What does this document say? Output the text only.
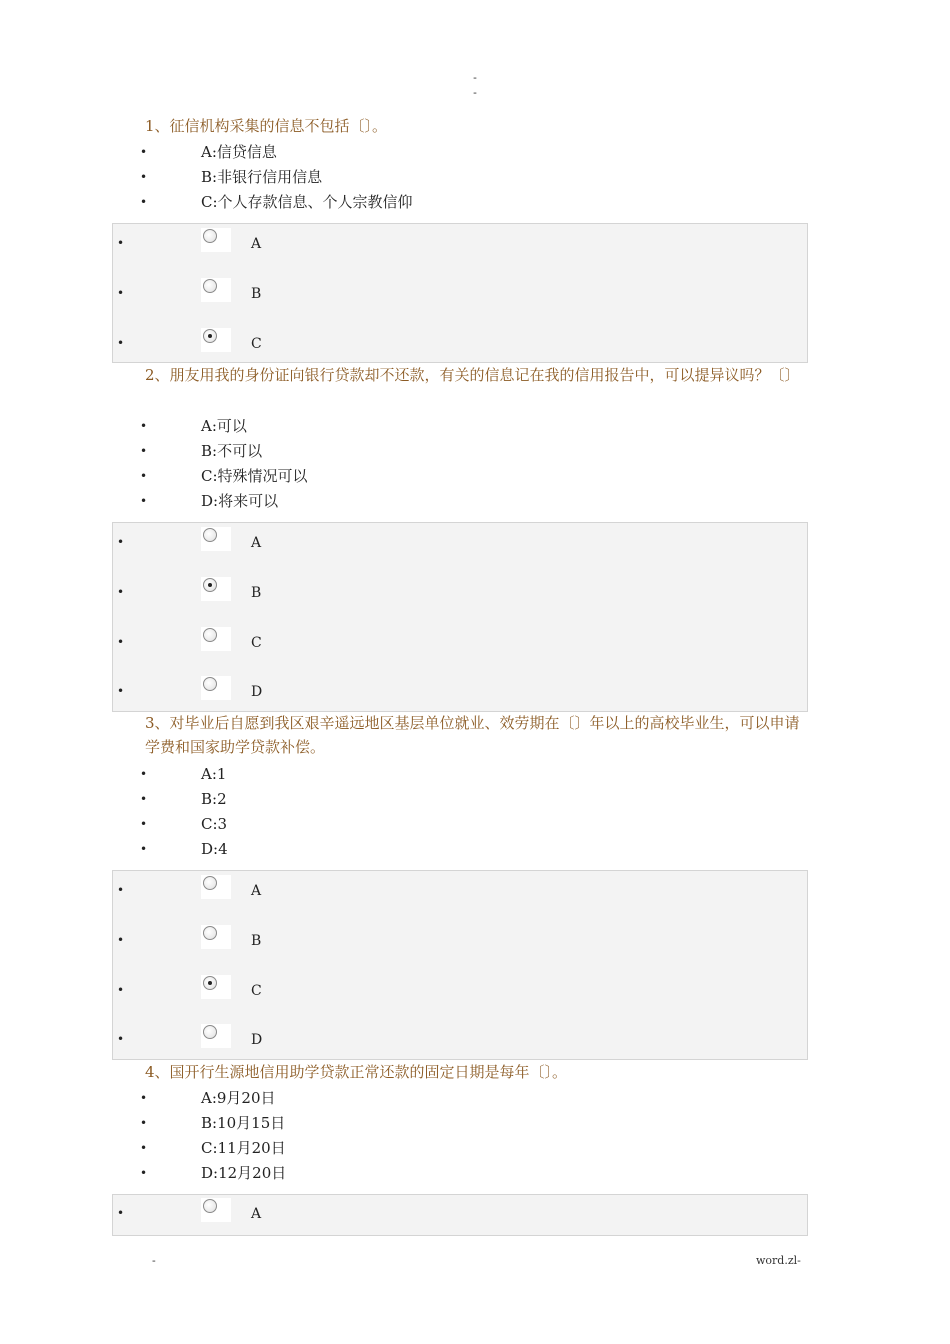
-
-
1、征信机构采集的信息不包括〔〕。
•	A:信贷信息
•	B:非银行信用信息
•	C:个人存款信息、个人宗教信仰
•	A
•	B
•	C
2、朋友用我的身份证向银行贷款却不还款，有关的信息记在我的信用报告中，可以提异议吗？〔〕
•	A:可以
•	B:不可以
•	C:特殊情况可以
•	D:将来可以
•	A
•	B
•	C
•	D
3、对毕业后自愿到我区艰辛遥远地区基层单位就业、效劳期在〔〕年以上的高校毕业生，可以申请学费和国家助学贷款补偿。
•	A:1
•	B:2
•	C:3
•	D:4
•	A
•	B
•	C
•	D
4、国开行生源地信用助学贷款正常还款的固定日期是每年〔〕。
•	A:9月20日
•	B:10月15日
•	C:11月20日
•	D:12月20日
•	A
-	word.zl-
